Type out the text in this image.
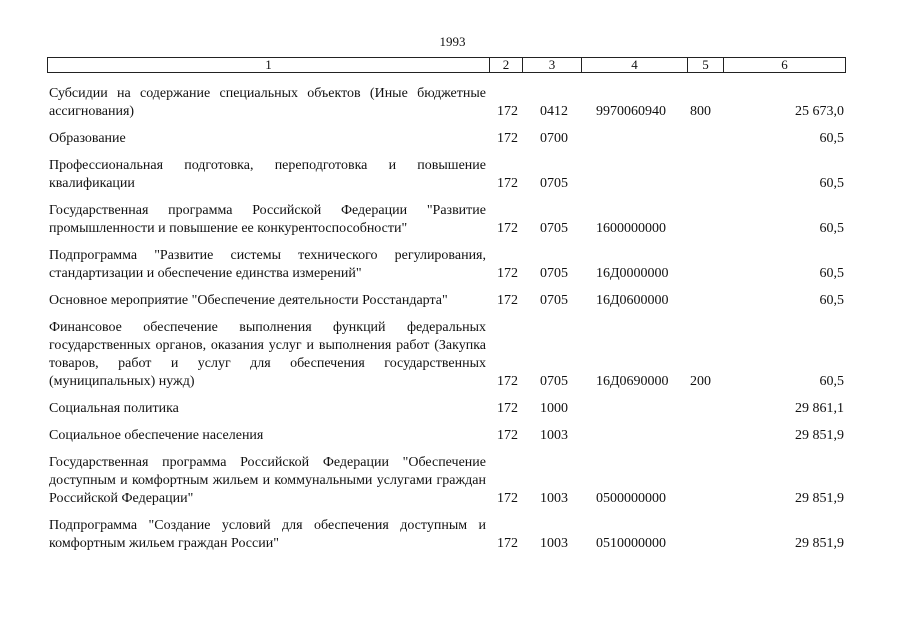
1993
1	2	3	4	5	6
Субсидии на содержание специальных объектов (Иные бюджетные ассигнования)	172 0412 9970060940 800	25 673,0
Образование	172 0700	60,5
Профессиональная подготовка, переподготовка и повышение квалификации	172 0705	60,5
Государственная программа Российской Федерации "Развитие промышленности и повышение ее конкурентоспособности"	172 0705 1600000000	60,5
Подпрограмма "Развитие системы технического регулирования, стандартизации и обеспечение единства измерений"	172 0705 16Д0000000	60,5
Основное мероприятие "Обеспечение деятельности Росстандарта"	172 0705 16Д0600000	60,5
Финансовое обеспечение выполнения функций федеральных государственных органов, оказания услуг и выполнения работ (Закупка товаров, работ и услуг для обеспечения государственных (муниципальных) нужд)	172 0705 16Д0690000 200	60,5
Социальная политика	172 1000	29 861,1
Социальное обеспечение населения	172 1003	29 851,9
Государственная программа Российской Федерации "Обеспечение доступным и комфортным жильем и коммунальными услугами граждан Российской Федерации"	172 1003 0500000000	29 851,9
Подпрограмма "Создание условий для обеспечения доступным и комфортным жильем граждан России"	172 1003 0510000000	29 851,9
